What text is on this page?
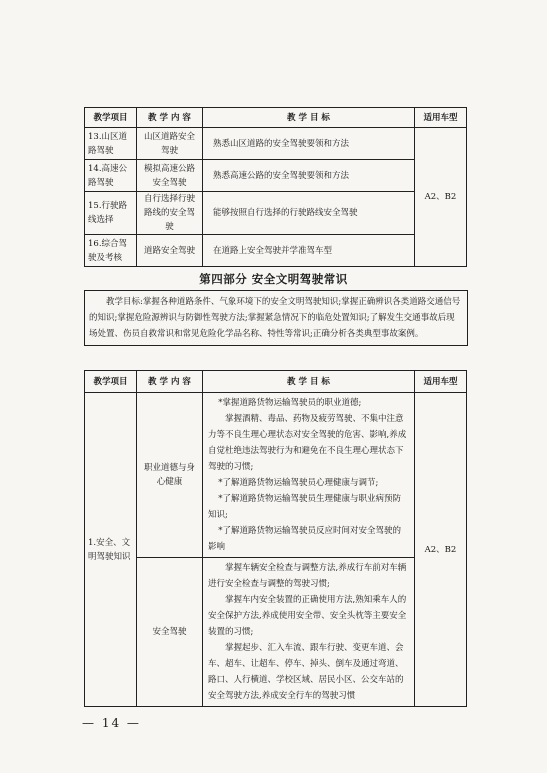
教学项目	教 学 内 容	教 学 目 标	适用车型
13.山区道路驾驶	山区道路安全驾驶	熟悉山区道路的安全驾驶要领和方法	A2、B2
14.高速公路驾驶	模拟高速公路安全驾驶	熟悉高速公路的安全驾驶要领和方法	
15.行驶路线选择	自行选择行驶路线的安全驾驶	能够按照自行选择的行驶路线安全驾驶	
16.综合驾驶及考核	道路安全驾驶	在道路上安全驾驶并学准驾车型	
第四部分 安全文明驾驶常识
教学目标:掌握各种道路条件、气象环境下的安全文明驾驶知识;掌握正确辨识各类道路交通信号的知识;掌握危险源辨识与防御性驾驶方法;掌握紧急情况下的临危处置知识;了解发生交通事故后现场处置、伤员自救常识和常见危险化学品名称、特性等常识;正确分析各类典型事故案例。
教学项目	教 学 内 容	教 学 目 标	适用车型
1.安全、文明驾驶知识	职业道德与身心健康	*掌握道路货物运输驾驶员的职业道德;
掌握酒精、毒品、药物及疲劳驾驶、不集中注意力等不良生理心理状态对安全驾驶的危害、影响,养成自觉杜绝违法驾驶行为和避免在不良生理心理状态下驾驶的习惯;
*了解道路货物运输驾驶员心理健康与调节;
*了解道路货物运输驾驶员生理健康与职业病预防知识;
*了解道路货物运输驾驶员反应时间对安全驾驶的影响	A2、B2
	安全驾驶	掌握车辆安全检查与调整方法,养成行车前对车辆进行安全检查与调整的驾驶习惯;
掌握车内安全装置的正确使用方法,熟知乘车人的安全保护方法,养成使用安全带、安全头枕等主要安全装置的习惯;
掌握起步、汇入车流、跟车行驶、变更车道、会车、超车、让超车、停车、掉头、倒车及通过弯道、路口、人行横道、学校区域、居民小区、公交车站的安全驾驶方法,养成安全行车的驾驶习惯	
— 14 —
